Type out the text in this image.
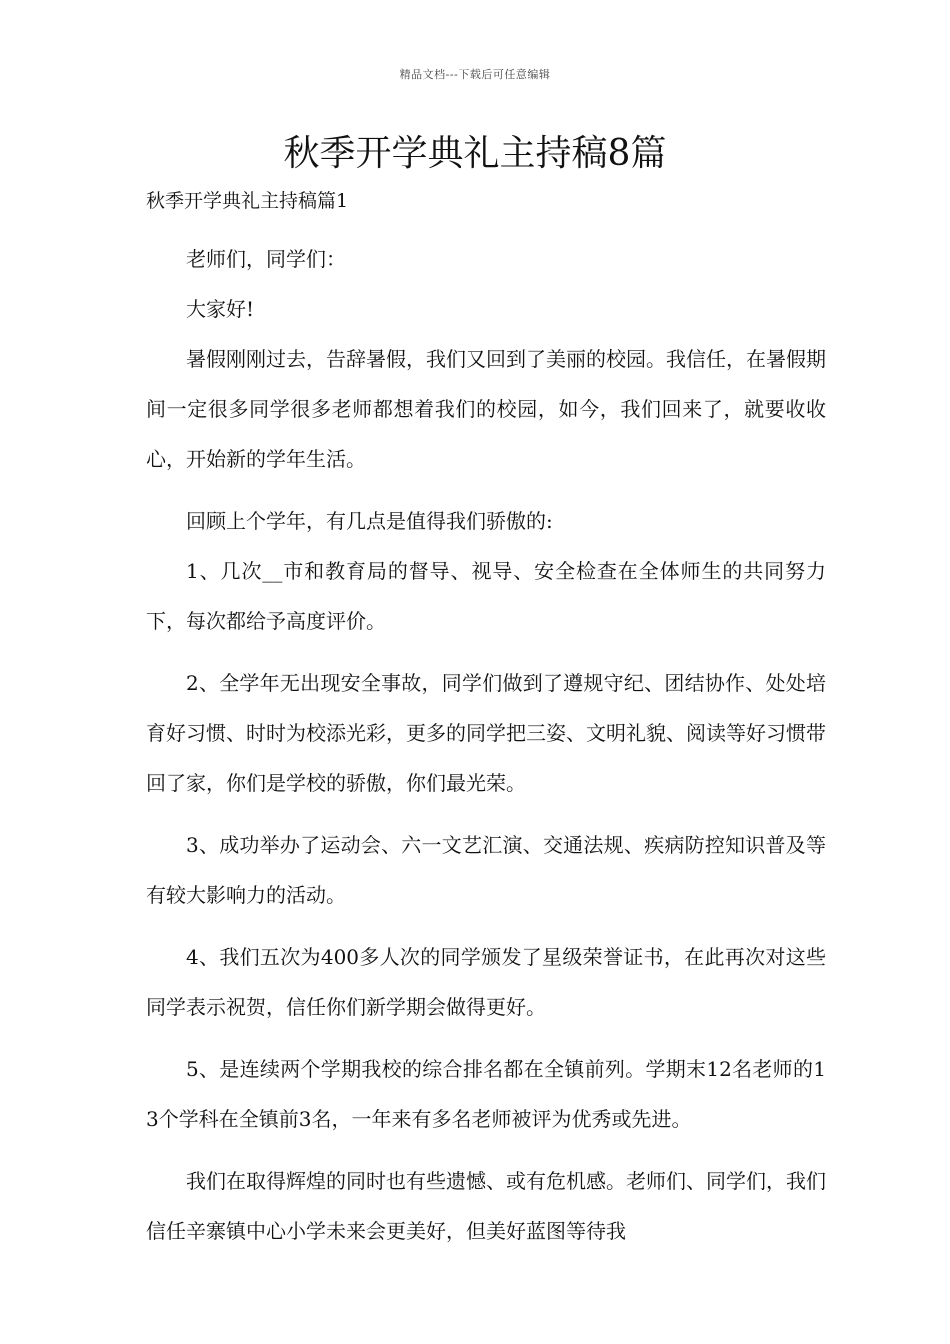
精品文档---下载后可任意编辑
秋季开学典礼主持稿8篇
秋季开学典礼主持稿篇1

老师们，同学们：

大家好!

暑假刚刚过去，告辞暑假，我们又回到了美丽的校园。我信任，在暑假期间一定很多同学很多老师都想着我们的校园，如今，我们回来了，就要收收心，开始新的学年生活。

回顾上个学年，有几点是值得我们骄傲的:

1、几次__市和教育局的督导、视导、安全检查在全体师生的共同努力下，每次都给予高度评价。

2、全学年无出现安全事故，同学们做到了遵规守纪、团结协作、处处培育好习惯、时时为校添光彩，更多的同学把三姿、文明礼貌、阅读等好习惯带回了家，你们是学校的骄傲，你们最光荣。

3、成功举办了运动会、六一文艺汇演、交通法规、疾病防控知识普及等有较大影响力的活动。

4、我们五次为400多人次的同学颁发了星级荣誉证书，在此再次对这些同学表示祝贺，信任你们新学期会做得更好。

5、是连续两个学期我校的综合排名都在全镇前列。学期末12名老师的13个学科在全镇前3名，一年来有多名老师被评为优秀或先进。

我们在取得辉煌的同时也有些遗憾、或有危机感。老师们、同学们，我们信任辛寨镇中心小学未来会更美好，但美好蓝图等待我
